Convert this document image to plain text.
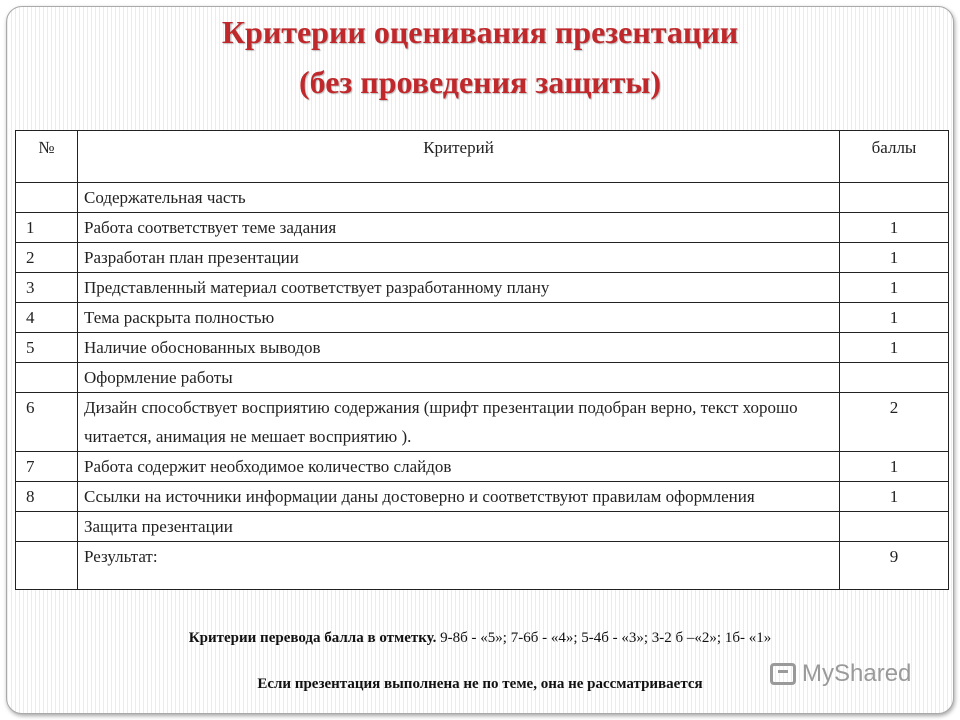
Критерии оценивания презентации
(без проведения защиты)
№	Критерий	баллы
	Содержательная часть	
1	Работа соответствует теме задания	1
2	Разработан план презентации	1
3	Представленный материал соответствует разработанному плану	1
4	Тема раскрыта полностью	1
5	Наличие обоснованных выводов	1
	Оформление работы	
6	Дизайн способствует восприятию содержания (шрифт презентации подобран верно, текст хорошо читается, анимация не мешает восприятию ).	2
7	Работа содержит необходимое количество слайдов	1
8	Ссылки на источники информации даны достоверно и соответствуют правилам оформления	1
	Защита презентации	
	Результат:	9
Критерии перевода балла в отметку. 9-8б - «5»; 7-6б - «4»; 5-4б - «3»; 3-2 б –«2»; 1б- «1»
Если презентация выполнена не по теме, она не рассматривается	MyShared
